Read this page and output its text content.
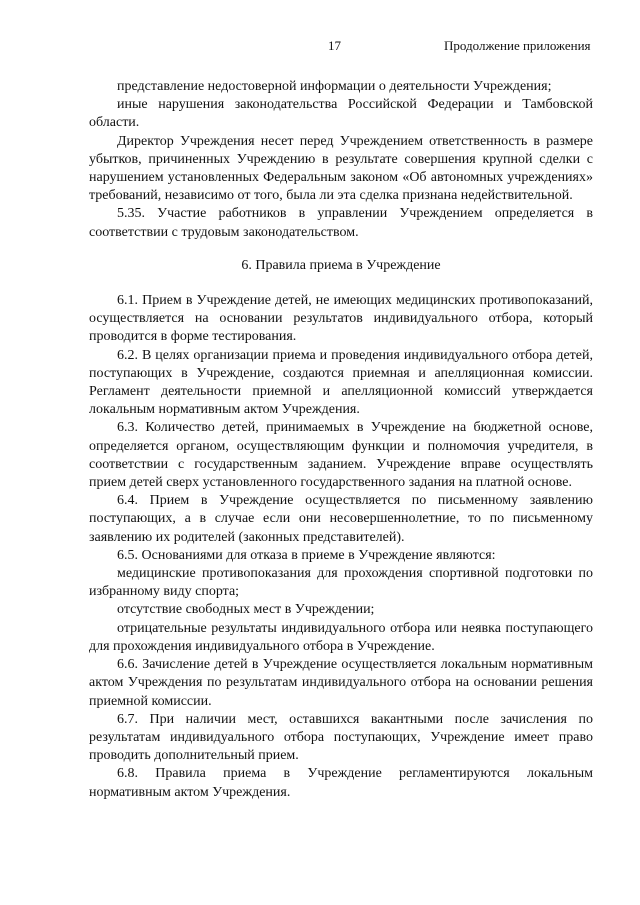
17	Продолжение приложения

представление недостоверной информации о деятельности Учреждения;

иные нарушения законодательства Российской Федерации и Тамбовской области.

Директор Учреждения несет перед Учреждением ответственность в размере убытков, причиненных Учреждению в результате совершения крупной сделки с нарушением установленных Федеральным законом «Об автономных учреждениях» требований, независимо от того, была ли эта сделка признана недействительной.

5.35. Участие работников в управлении Учреждением определяется в соответствии с трудовым законодательством.

6. Правила приема в Учреждение

6.1. Прием в Учреждение детей, не имеющих медицинских противопоказаний, осуществляется на основании результатов индивидуального отбора, который проводится в форме тестирования.

6.2. В целях организации приема и проведения индивидуального отбора детей, поступающих в Учреждение, создаются приемная и апелляционная комиссии. Регламент деятельности приемной и апелляционной комиссий утверждается локальным нормативным актом Учреждения.

6.3. Количество детей, принимаемых в Учреждение на бюджетной основе, определяется органом, осуществляющим функции и полномочия учредителя, в соответствии с государственным заданием. Учреждение вправе осуществлять прием детей сверх установленного государственного задания на платной основе.

6.4. Прием в Учреждение осуществляется по письменному заявлению поступающих, а в случае если они несовершеннолетние, то по письменному заявлению их родителей (законных представителей).

6.5. Основаниями для отказа в приеме в Учреждение являются:

медицинские противопоказания для прохождения спортивной подготовки по избранному виду спорта;

отсутствие свободных мест в Учреждении;

отрицательные результаты индивидуального отбора или неявка поступающего для прохождения индивидуального отбора в Учреждение.

6.6. Зачисление детей в Учреждение осуществляется локальным нормативным актом Учреждения по результатам индивидуального отбора на основании решения приемной комиссии.

6.7. При наличии мест, оставшихся вакантными после зачисления по результатам индивидуального отбора поступающих, Учреждение имеет право проводить дополнительный прием.

6.8. Правила приема в Учреждение регламентируются локальным нормативным актом Учреждения.
